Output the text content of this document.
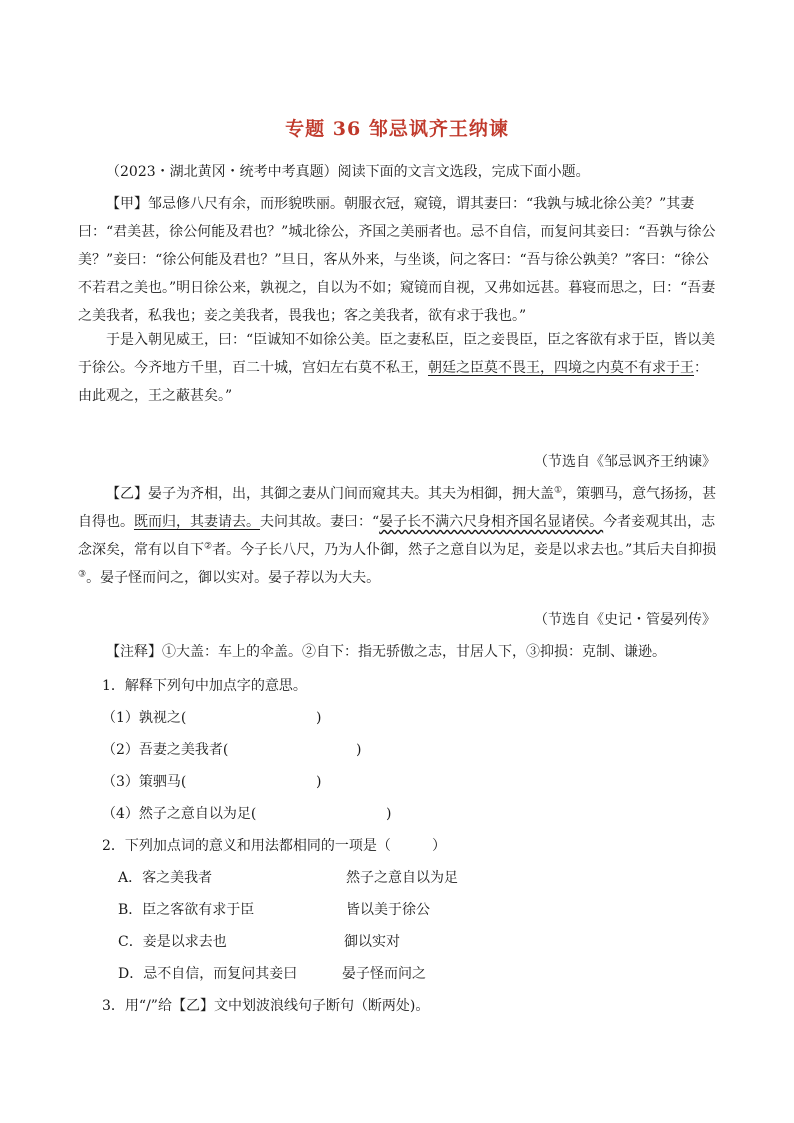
专题 36 邹忌讽齐王纳谏

（2023・湖北黄冈・统考中考真题）阅读下面的文言文选段，完成下面小题。

【甲】邹忌修八尺有余，而形貌昳丽。朝服衣冠，窥镜，谓其妻曰：“我孰与城北徐公美？”其妻曰：“君美甚，徐公何能及君也？”城北徐公，齐国之美丽者也。忌不自信，而复问其妾曰：“吾孰与徐公美？”妾曰：“徐公何能及君也？”旦日，客从外来，与坐谈，问之客曰：“吾与徐公孰美？”客曰：“徐公不若君之美也。”明日徐公来，孰视之，自以为不如；窥镜而自视，又弗如远甚。暮寝而思之，曰：“吾妻之美我者，私我也；妾之美我者，畏我也；客之美我者，欲有求于我也。”

于是入朝见威王，曰：“臣诚知不如徐公美。臣之妻私臣，臣之妾畏臣，臣之客欲有求于臣，皆以美于徐公。今齐地方千里，百二十城，宫妇左右莫不私王，朝廷之臣莫不畏王，四境之内莫不有求于王：由此观之，王之蔽甚矣。”

（节选自《邹忌讽齐王纳谏》

【乙】晏子为齐相，出，其御之妻从门间而窥其夫。其夫为相御，拥大盖①，策驷马，意气扬扬，甚自得也。既而归，其妻请去。夫问其故。妻曰：“晏子长不满六尺身相齐国名显诸侯。今者妾观其出，志念深矣，常有以自下②者。今子长八尺，乃为人仆御，然子之意自以为足，妾是以求去也。”其后夫自抑损③。晏子怪而问之，御以实对。晏子荐以为大夫。

（节选自《史记・管晏列传》

【注释】①大盖：车上的伞盖。②自下：指无骄傲之志，甘居人下，③抑损：克制、谦逊。

1．解释下列句中加点字的意思。
（1）孰视之(	)
（2）吾妻之美我者(	)
（3）策驷马(	)
（4）然子之意自以为足(	)
2．下列加点词的意义和用法都相同的一项是（	）
A．客之美我者	然子之意自以为足
B．臣之客欲有求于臣	皆以美于徐公
C．妾是以求去也	御以实对
D．忌不自信，而复问其妾曰	晏子怪而问之
3．用“/”给【乙】文中划波浪线句子断句（断两处)。
